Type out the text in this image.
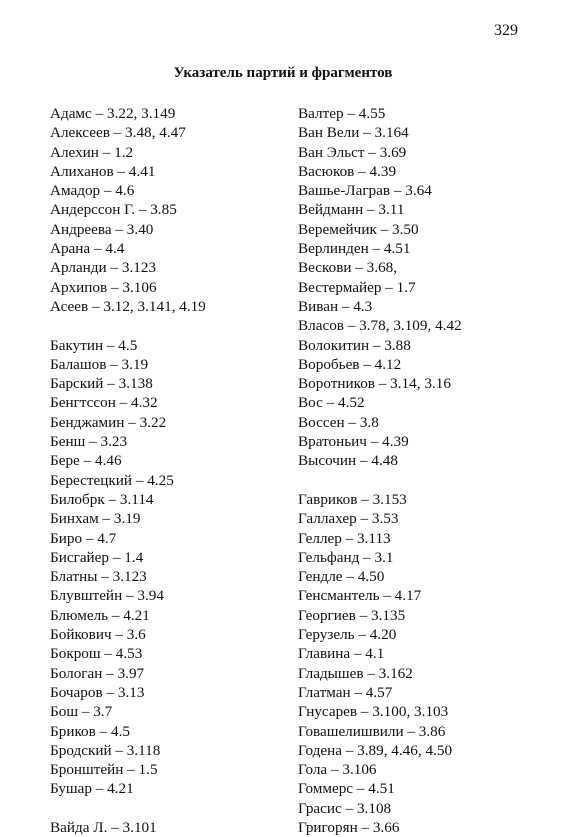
329
Указатель партий и фрагментов
Адамс – 3.22, 3.149
Алексеев – 3.48, 4.47
Алехин – 1.2
Алиханов – 4.41
Амадор – 4.6
Андерссон Г. – 3.85
Андреева – 3.40
Арана – 4.4
Арланди – 3.123
Архипов – 3.106
Асеев – 3.12, 3.141, 4.19
Бакутин – 4.5
Балашов – 3.19
Барский – 3.138
Бенгтссон – 4.32
Бенджамин – 3.22
Бенш – 3.23
Бере – 4.46
Берестецкий – 4.25
Билобрк – 3.114
Бинхам – 3.19
Биро – 4.7
Бисгайер – 1.4
Блатны – 3.123
Блувштейн – 3.94
Блюмель – 4.21
Бойкович – 3.6
Бокрош – 4.53
Бологан – 3.97
Бочаров – 3.13
Бош – 3.7
Бриков – 4.5
Бродский – 3.118
Бронштейн – 1.5
Бушар – 4.21
Вайда Л. – 3.101
Валтер – 4.55
Ван Вели – 3.164
Ван Эльст – 3.69
Васюков – 4.39
Вашье-Лаграв – 3.64
Вейдманн – 3.11
Веремейчик – 3.50
Верлинден – 4.51
Вескови – 3.68,
Вестермайер – 1.7
Виван – 4.3
Власов – 3.78, 3.109, 4.42
Волокитин – 3.88
Воробьев – 4.12
Воротников – 3.14, 3.16
Вос – 4.52
Воссен – 3.8
Вратоньич – 4.39
Высочин – 4.48
Гавриков – 3.153
Галлахер – 3.53
Геллер – 3.113
Гельфанд – 3.1
Гендле – 4.50
Генсмантель – 4.17
Георгиев – 3.135
Герузель – 4.20
Главина – 4.1
Гладышев – 3.162
Глатман – 4.57
Гнусарев – 3.100, 3.103
Говашелишвили – 3.86
Годена – 3.89, 4.46, 4.50
Гола – 3.106
Гоммерс – 4.51
Грасис – 3.108
Григорян – 3.66
